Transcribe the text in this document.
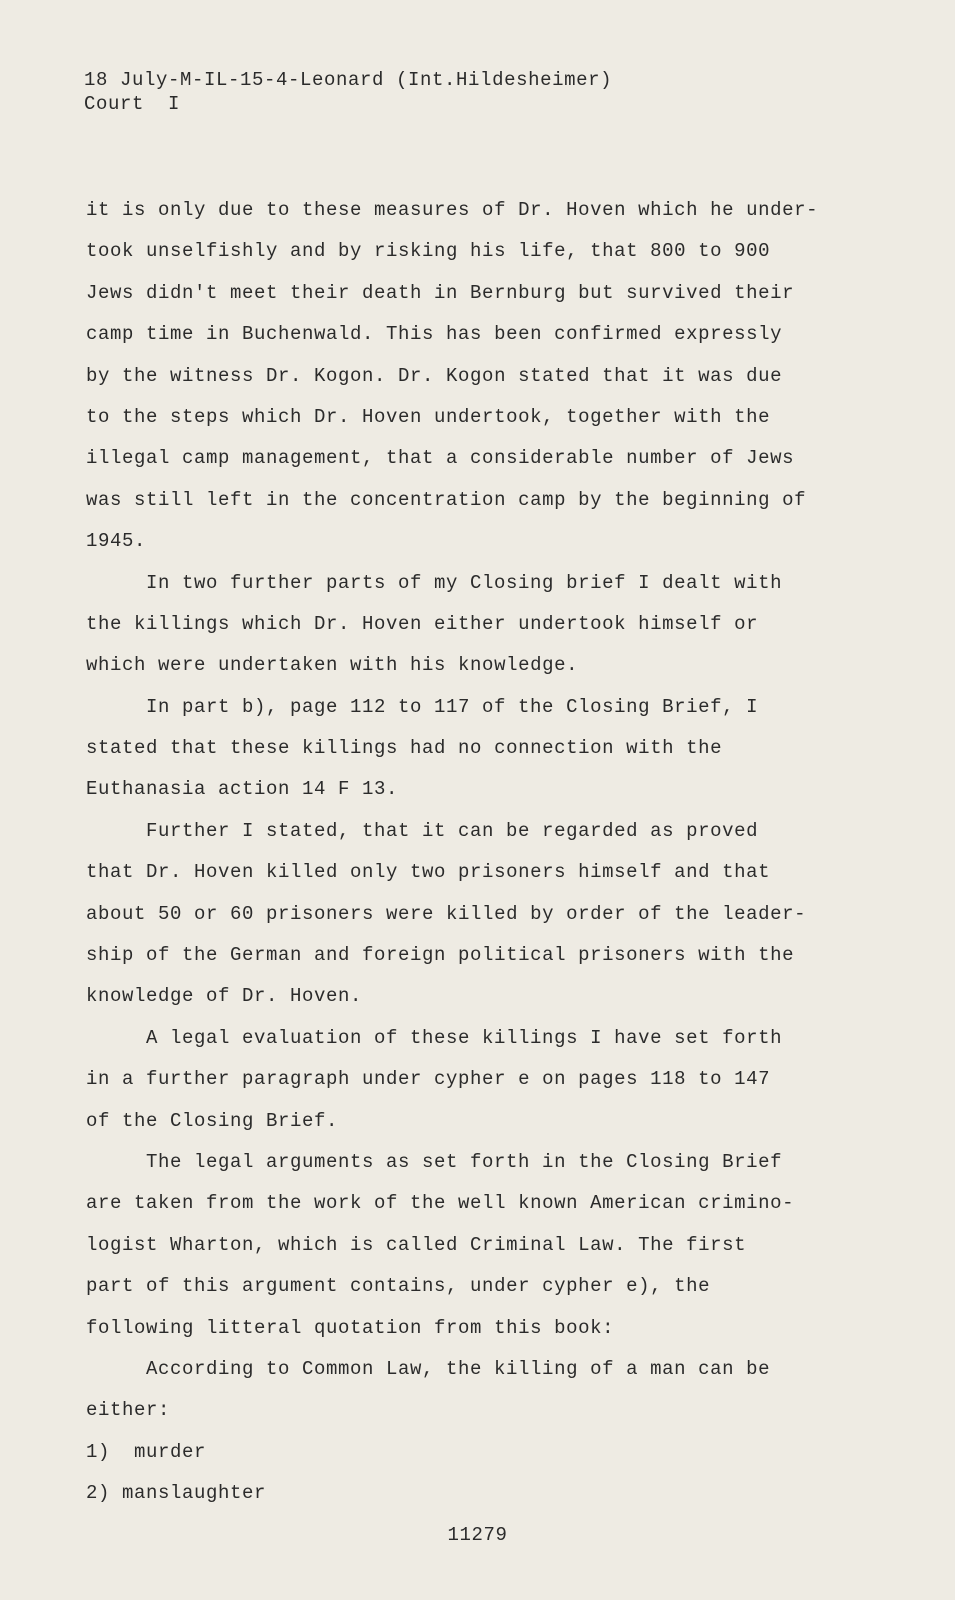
18 July-M-IL-15-4-Leonard (Int.Hildesheimer)
Court  I
it is only due to these measures of Dr. Hoven which he under-
took unselfishly and by risking his life, that 800 to 900
Jews didn't meet their death in Bernburg but survived their
camp time in Buchenwald. This has been confirmed expressly
by the witness Dr. Kogon. Dr. Kogon stated that it was due
to the steps which Dr. Hoven undertook, together with the
illegal camp management, that a considerable number of Jews
was still left in the concentration camp by the beginning of
1945.
In two further parts of my Closing brief I dealt with
the killings which Dr. Hoven either undertook himself or
which were undertaken with his knowledge.
In part b), page 112 to 117 of the Closing Brief, I
stated that these killings had no connection with the
Euthanasia action 14 F 13.
Further I stated, that it can be regarded as proved
that Dr. Hoven killed only two prisoners himself and that
about 50 or 60 prisoners were killed by order of the leader-
ship of the German and foreign political prisoners with the
knowledge of Dr. Hoven.
A legal evaluation of these killings I have set forth
in a further paragraph under cypher e on pages 118 to 147
of the Closing Brief.
The legal arguments as set forth in the Closing Brief
are taken from the work of the well known American crimino-
logist Wharton, which is called Criminal Law. The first
part of this argument contains, under cypher e), the
following litteral quotation from this book:
According to Common Law, the killing of a man can be
either:
1)  murder
2) manslaughter
11279
